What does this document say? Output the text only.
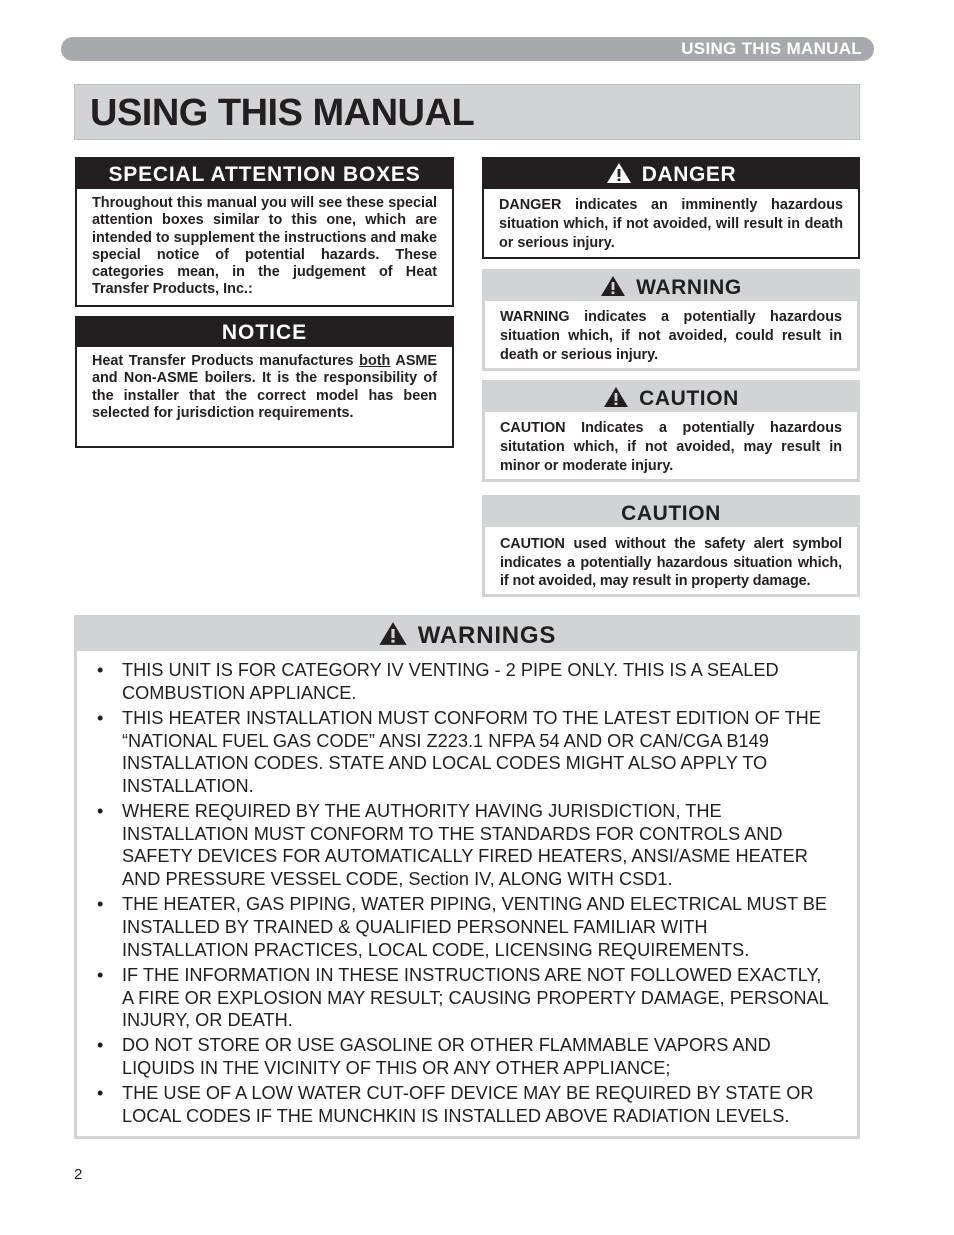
USING THIS MANUAL
USING THIS MANUAL
SPECIAL ATTENTION BOXES

Throughout this manual you will see these special attention boxes similar to this one, which are intended to supplement the instructions and make special notice of potential hazards. These categories mean, in the judgement of Heat Transfer Products, Inc.:

NOTICE

Heat Transfer Products manufactures both ASME and Non-ASME boilers. It is the responsibility of the installer that the correct model has been selected for jurisdiction requirements.

DANGER

DANGER indicates an imminently hazardous situation which, if not avoided, will result in death or serious injury.

WARNING

WARNING indicates a potentially hazardous situation which, if not avoided, could result in death or serious injury.

CAUTION

CAUTION Indicates a potentially hazardous situtation which, if not avoided, may result in minor or moderate injury.

CAUTION

CAUTION used without the safety alert symbol indicates a potentially hazardous situation which, if not avoided, may result in property damage.

WARNINGS
• THIS UNIT IS FOR CATEGORY IV VENTING - 2 PIPE ONLY. THIS IS A SEALED COMBUSTION APPLIANCE.
• THIS HEATER INSTALLATION MUST CONFORM TO THE LATEST EDITION OF THE “NATIONAL FUEL GAS CODE” ANSI Z223.1 NFPA 54 AND OR CAN/CGA B149 INSTALLATION CODES. STATE AND LOCAL CODES MIGHT ALSO APPLY TO INSTALLATION.
• WHERE REQUIRED BY THE AUTHORITY HAVING JURISDICTION, THE INSTALLATION MUST CONFORM TO THE STANDARDS FOR CONTROLS AND SAFETY DEVICES FOR AUTOMATICALLY FIRED HEATERS, ANSI/ASME HEATER AND PRESSURE VESSEL CODE, Section IV, ALONG WITH CSD1.
• THE HEATER, GAS PIPING, WATER PIPING, VENTING AND ELECTRICAL MUST BE INSTALLED BY TRAINED & QUALIFIED PERSONNEL FAMILIAR WITH INSTALLATION PRACTICES, LOCAL CODE, LICENSING REQUIREMENTS.
• IF THE INFORMATION IN THESE INSTRUCTIONS ARE NOT FOLLOWED EXACTLY, A FIRE OR EXPLOSION MAY RESULT; CAUSING PROPERTY DAMAGE, PERSONAL INJURY, OR DEATH.
• DO NOT STORE OR USE GASOLINE OR OTHER FLAMMABLE VAPORS AND LIQUIDS IN THE VICINITY OF THIS OR ANY OTHER APPLIANCE;
• THE USE OF A LOW WATER CUT-OFF DEVICE MAY BE REQUIRED BY STATE OR LOCAL CODES IF THE MUNCHKIN IS INSTALLED ABOVE RADIATION LEVELS.
2
